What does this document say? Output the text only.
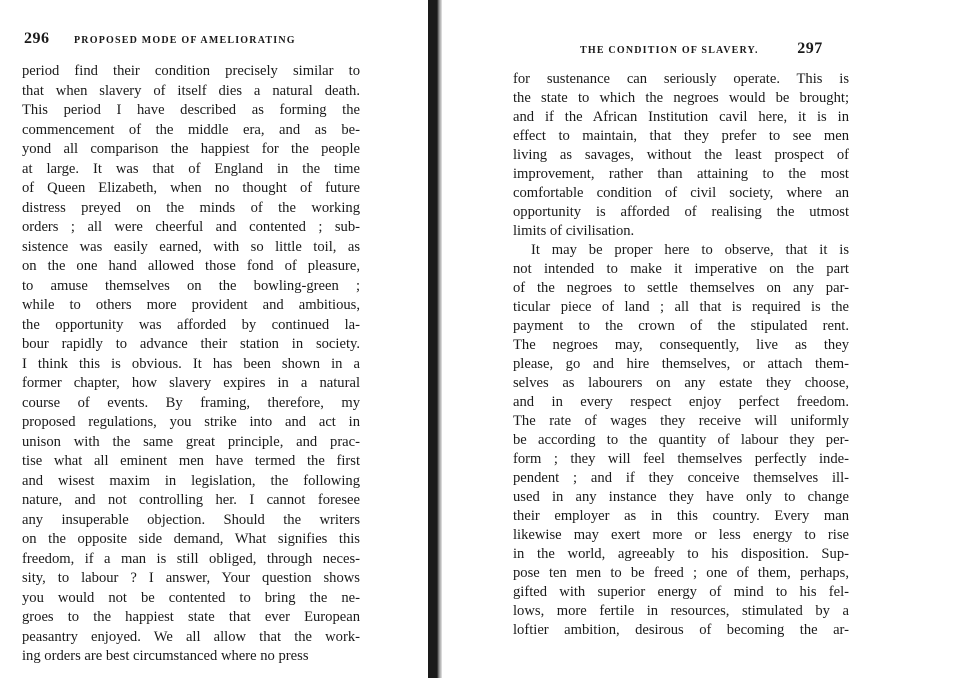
296 PROPOSED MODE OF AMELIORATING
period find their condition precisely similar to
that when slavery of itself dies a natural death.
This period I have described as forming the
commencement of the middle era, and as be-
yond all comparison the happiest for the people
at large. It was that of England in the time
of Queen Elizabeth, when no thought of future
distress preyed on the minds of the working
orders ; all were cheerful and contented ; sub-
sistence was easily earned, with so little toil, as
on the one hand allowed those fond of pleasure,
to amuse themselves on the bowling-green ;
while to others more provident and ambitious,
the opportunity was afforded by continued la-
bour rapidly to advance their station in society.
I think this is obvious. It has been shown in a
former chapter, how slavery expires in a natural
course of events. By framing, therefore, my
proposed regulations, you strike into and act in
unison with the same great principle, and prac-
tise what all eminent men have termed the first
and wisest maxim in legislation, the following
nature, and not controlling her. I cannot foresee
any insuperable objection. Should the writers
on the opposite side demand, What signifies this
freedom, if a man is still obliged, through neces-
sity, to labour ? I answer, Your question shows
you would not be contented to bring the ne-
groes to the happiest state that ever European
peasantry enjoyed. We all allow that the work-
ing orders are best circumstanced where no press
THE CONDITION OF SLAVERY. 297
for sustenance can seriously operate. This is
the state to which the negroes would be brought;
and if the African Institution cavil here, it is in
effect to maintain, that they prefer to see men
living as savages, without the least prospect of
improvement, rather than attaining to the most
comfortable condition of civil society, where an
opportunity is afforded of realising the utmost
limits of civilisation.
It may be proper here to observe, that it is
not intended to make it imperative on the part
of the negroes to settle themselves on any par-
ticular piece of land ; all that is required is the
payment to the crown of the stipulated rent.
The negroes may, consequently, live as they
please, go and hire themselves, or attach them-
selves as labourers on any estate they choose,
and in every respect enjoy perfect freedom.
The rate of wages they receive will uniformly
be according to the quantity of labour they per-
form ; they will feel themselves perfectly inde-
pendent ; and if they conceive themselves ill-
used in any instance they have only to change
their employer as in this country. Every man
likewise may exert more or less energy to rise
in the world, agreeably to his disposition. Sup-
pose ten men to be freed ; one of them, perhaps,
gifted with superior energy of mind to his fel-
lows, more fertile in resources, stimulated by a
loftier ambition, desirous of becoming the ar-
